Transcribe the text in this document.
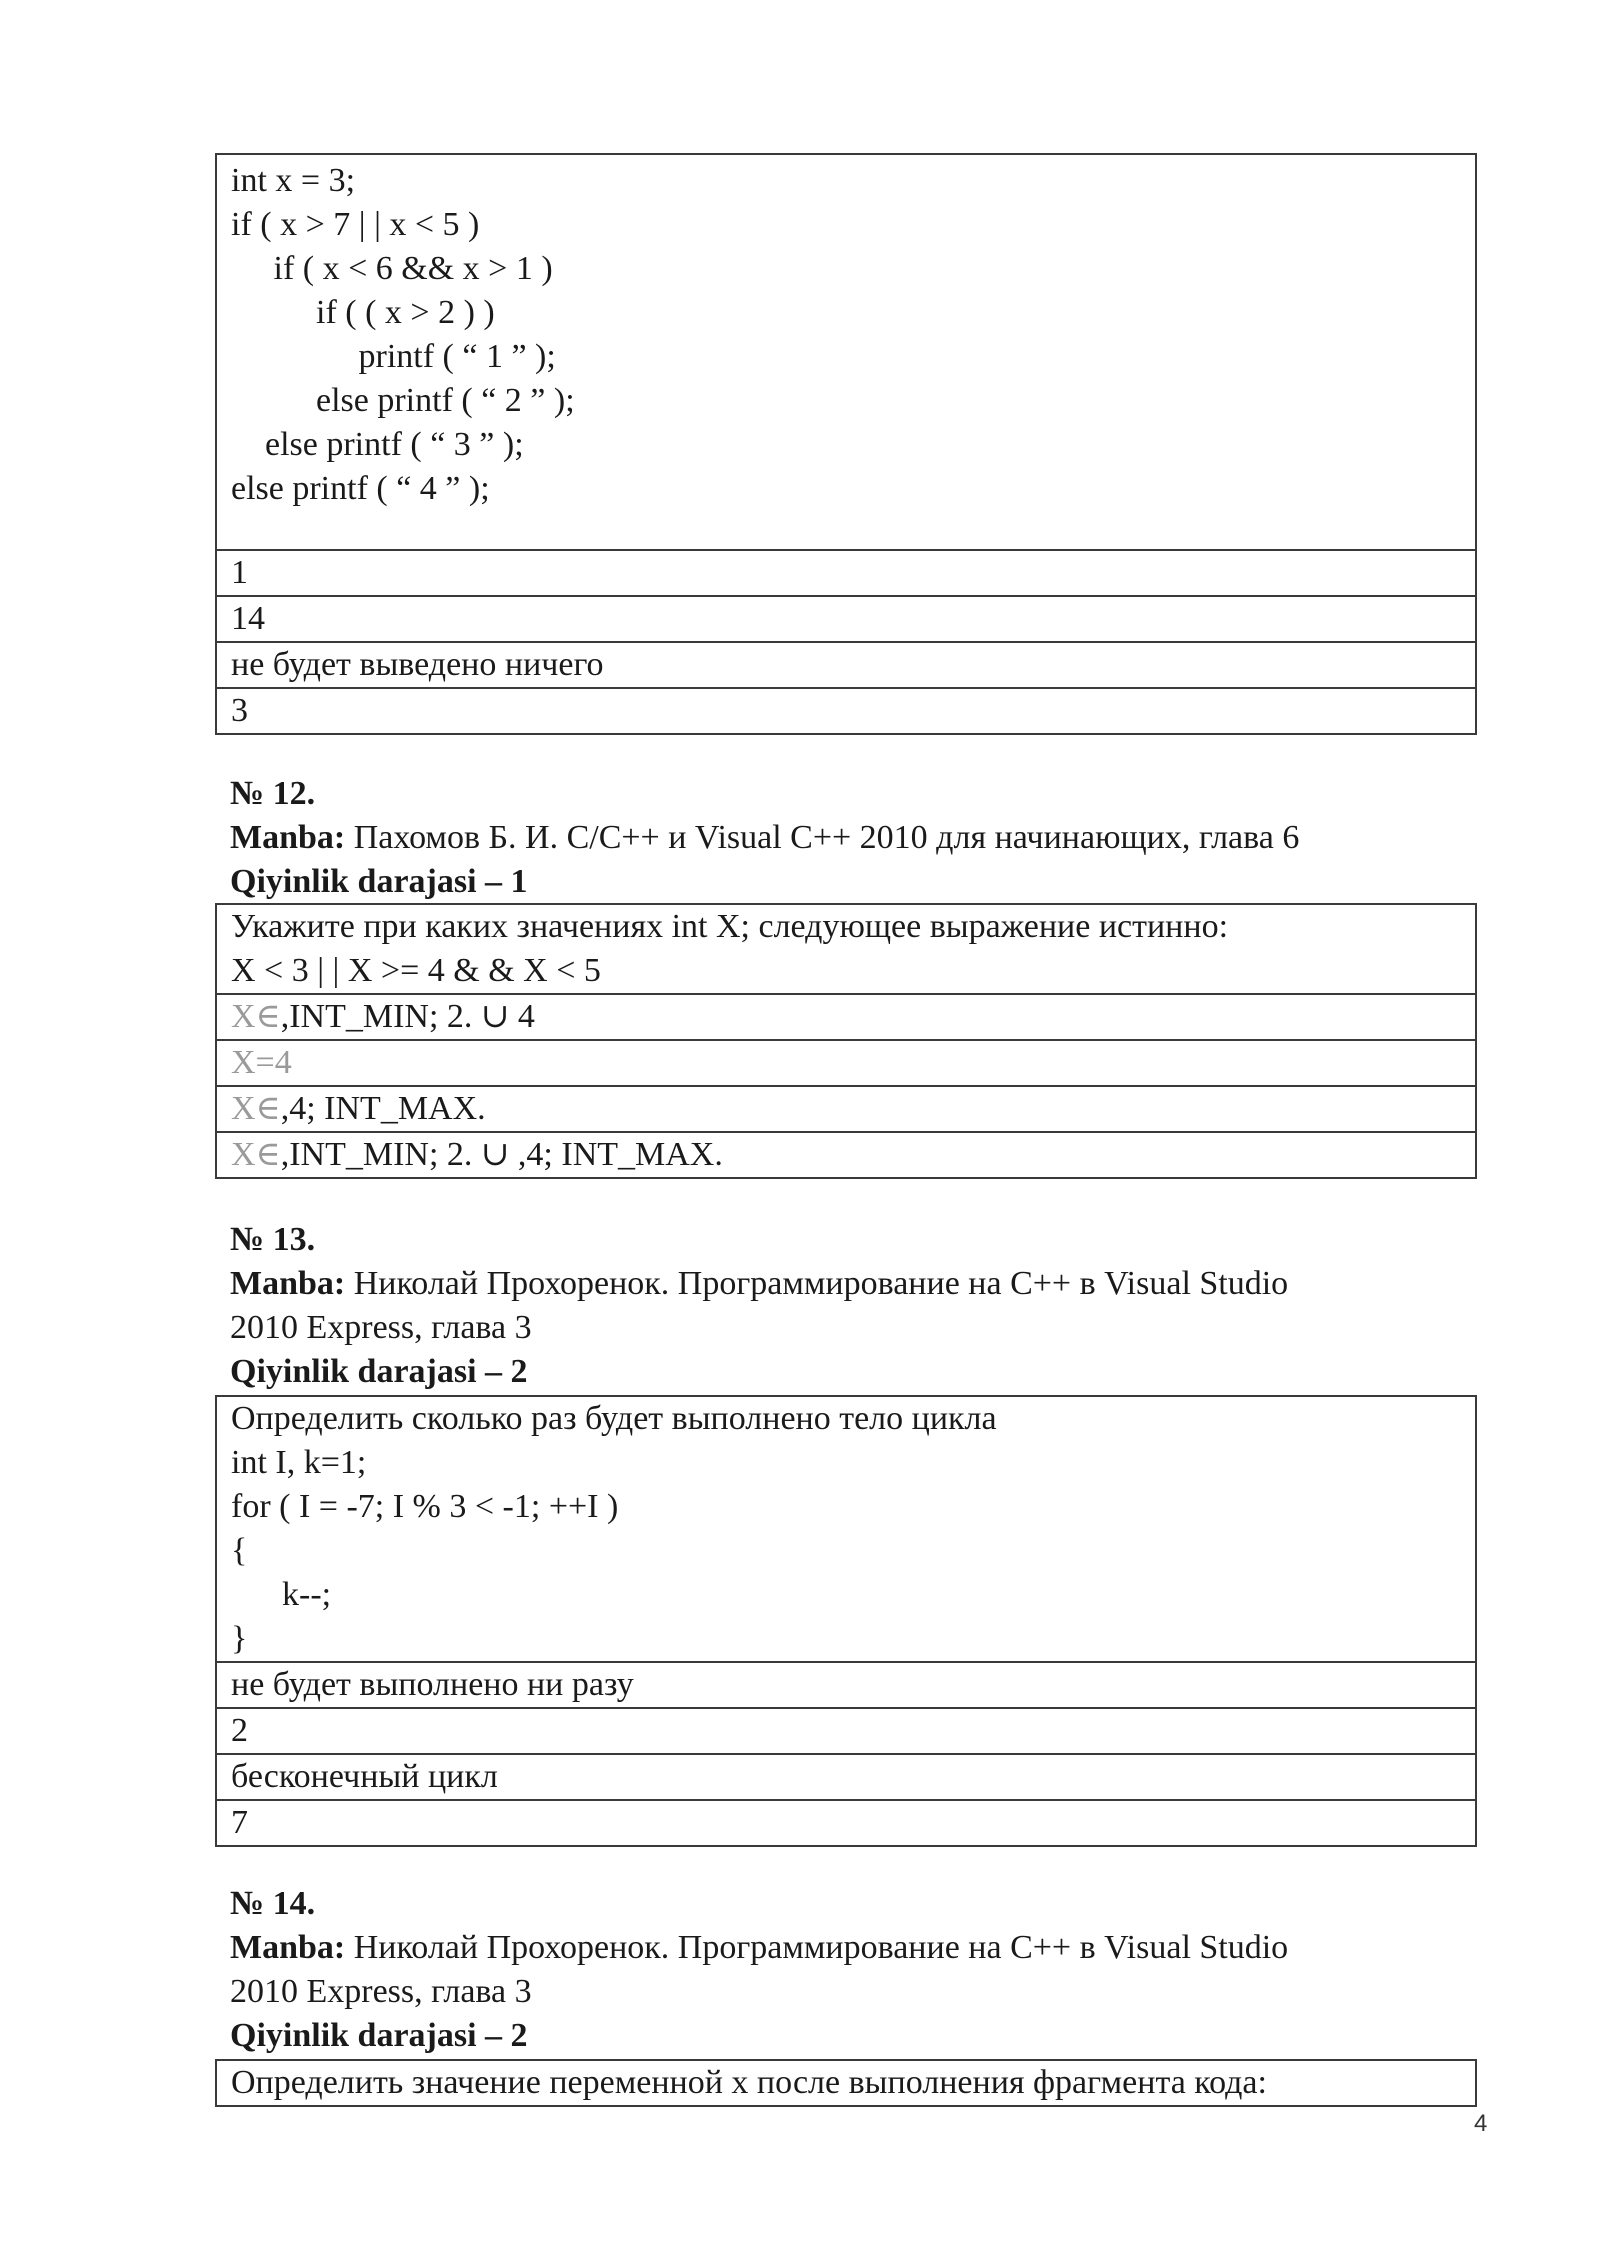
int x = 3;
if ( x > 7 | | x < 5 )
if ( x < 6 && x > 1 )
if ( ( x > 2 ) )
printf ( “ 1 ” );
else printf ( “ 2 ” );
else printf ( “ 3 ” );
else printf ( “ 4 ” );

1
14
не будет выведено ничего
3
№ 12.
Manba: Пахомов Б. И. C/C++ и Visual C++ 2010 для начинающих, глава 6
Qiyinlik darajasi – 1
Укажите при каких значениях int X; следующее выражение истинно:
X < 3 | | X >= 4 & & X < 5

X∈,INT_MIN; 2. ∪ 4
X=4
X∈,4; INT_MAX.
X∈,INT_MIN; 2. ∪ ,4; INT_MAX.
№ 13.
Manba: Николай Прохоренок. Программирование на C++ в Visual Studio
2010 Express, глава 3
Qiyinlik darajasi – 2
Определить сколько раз будет выполнено тело цикла
int I, k=1;
for ( I = -7; I % 3 < -1; ++I )
{
k--;
}

не будет выполнено ни разу
2
бесконечный цикл
7
№ 14.
Manba: Николай Прохоренок. Программирование на C++ в Visual Studio
2010 Express, глава 3
Qiyinlik darajasi – 2
Определить значение переменной x после выполнения фрагмента кода:
4
